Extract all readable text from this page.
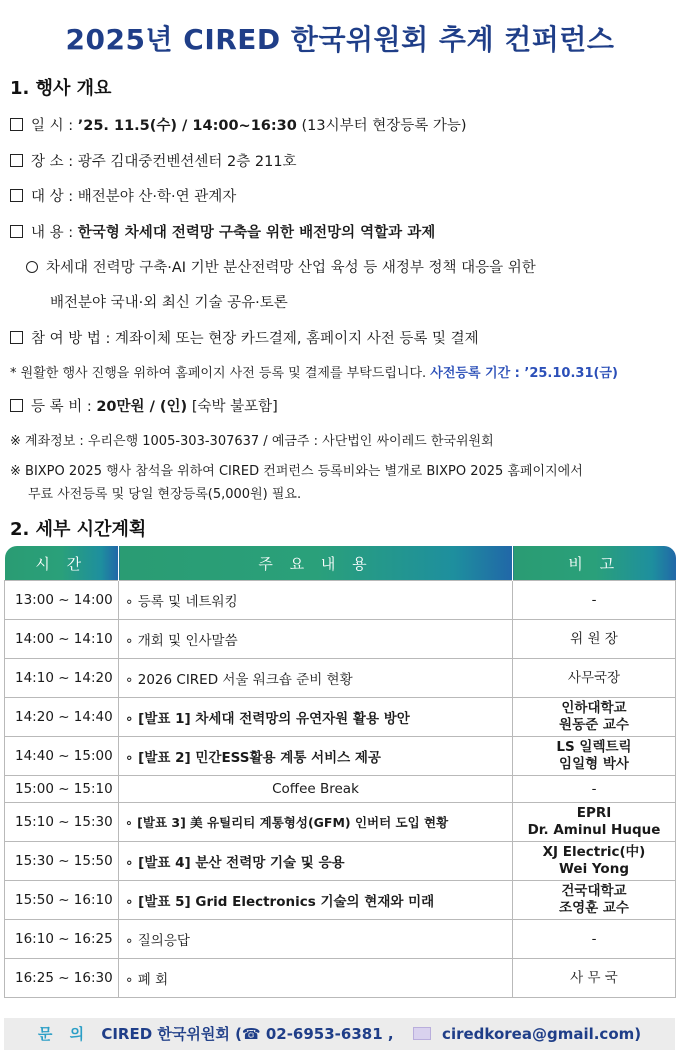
2025년 CIRED 한국위원회 추계 컨퍼런스
1. 행사 개요
일 시 : ’25. 11.5(수) / 14:00~16:30 (13시부터 현장등록 가능)
장 소 : 광주 김대중컨벤션센터 2층 211호
대 상 : 배전분야 산·학·연 관계자
내 용 : 한국형 차세대 전력망 구축을 위한 배전망의 역할과 과제
차세대 전력망 구축·AI 기반 분산전력망 산업 육성 등 새정부 정책 대응을 위한
배전분야 국내·외 최신 기술 공유·토론
참 여 방 법 : 계좌이체 또는 현장 카드결제, 홈페이지 사전 등록 및 결제
* 원활한 행사 진행을 위하여 홈페이지 사전 등록 및 결제를 부탁드립니다. 사전등록 기간 : ’25.10.31(금)
등 록 비 : 20만원 / (인) [숙박 불포함]
※ 계좌정보 : 우리은행 1005-303-307637 / 예금주 : 사단법인 싸이레드 한국위원회
※ BIXPO 2025 행사 참석을 위하여 CIRED 컨퍼런스 등록비와는 별개로 BIXPO 2025 홈페이지에서
무료 사전등록 및 당일 현장등록(5,000원) 필요.
2. 세부 시간계획
시 간	주 요 내 용	비 고
13:00 ~ 14:00	∘ 등록 및 네트워킹	-

14:00 ~ 14:10	∘ 개회 및 인사말씀	위 원 장

14:10 ~ 14:20	∘ 2026 CIRED 서울 워크숍 준비 현황	사무국장

14:20 ~ 14:40	∘ [발표 1] 차세대 전력망의 유연자원 활용 방안	인하대학교
원동준 교수

14:40 ~ 15:00	∘ [발표 2] 민간ESS활용 계통 서비스 제공	LS 일렉트릭
임일형 박사

15:00 ~ 15:10	Coffee Break	-

15:10 ~ 15:30	∘ [발표 3] 美 유틸리티 계통형성(GFM) 인버터 도입 현황	EPRI
Dr. Aminul Huque

15:30 ~ 15:50	∘ [발표 4] 분산 전력망 기술 및 응용	XJ Electric(中)
Wei Yong

15:50 ~ 16:10	∘ [발표 5] Grid Electronics 기술의 현재와 미래	건국대학교
조영훈 교수

16:10 ~ 16:25	∘ 질의응답	-

16:25 ~ 16:30	∘ 폐 회	사 무 국
문 의 CIRED 한국위원회 (☎ 02-6953-6381 ,	ciredkorea@gmail.com)
